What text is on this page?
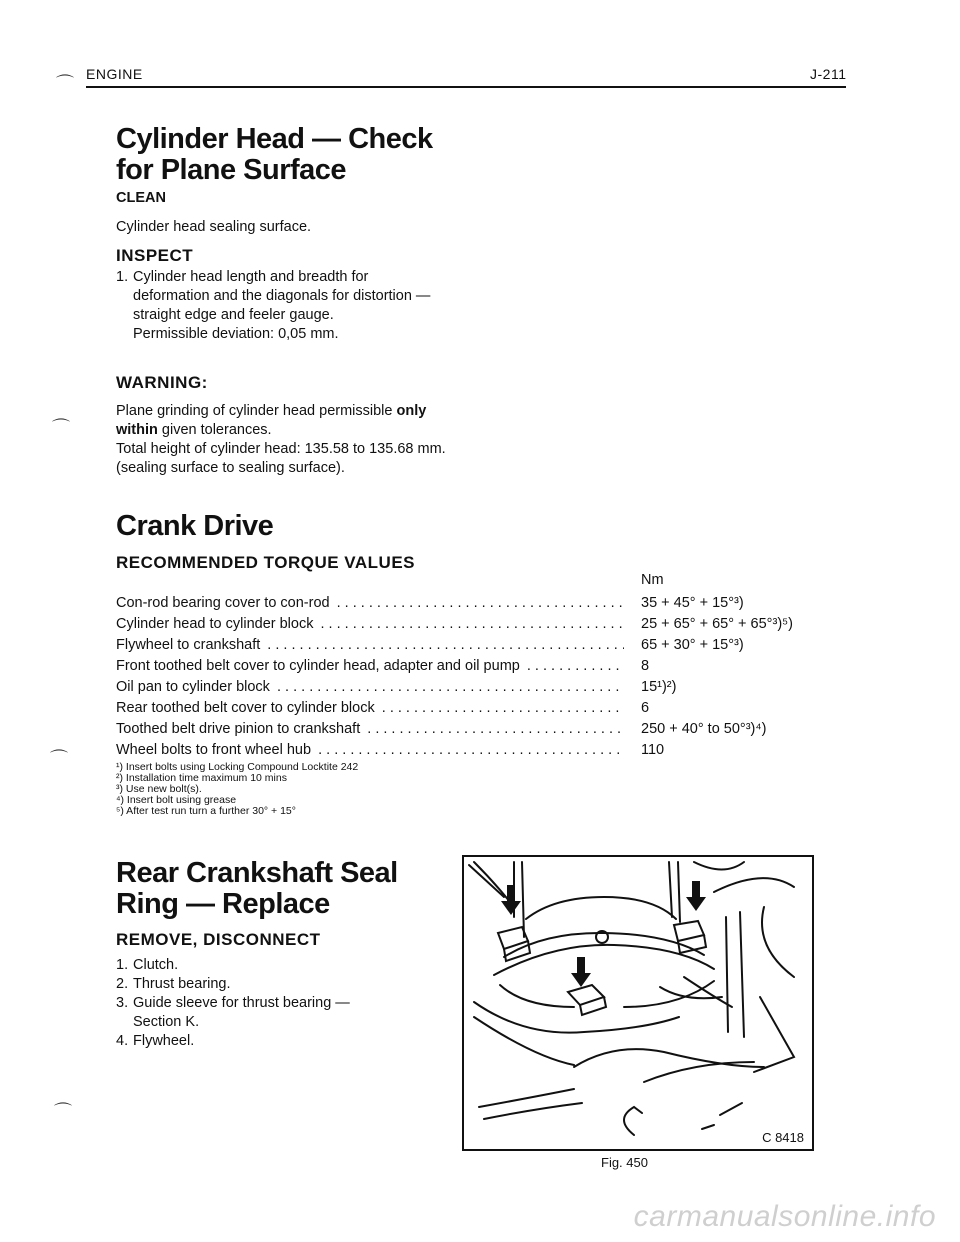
ENGINE	J-211
⌒
⌒
⌒
⌒
Cylinder Head — Check for Plane Surface
CLEAN

Cylinder head sealing surface.

INSPECT
1. Cylinder head length and breadth for deformation and the diagonals for distortion — straight edge and feeler gauge.

Permissible deviation: 0,05 mm.

WARNING:

Plane grinding of cylinder head permissible only within given tolerances.

Total height of cylinder head: 135.58 to 135.68 mm. (sealing surface to sealing surface).

Crank Drive
RECOMMENDED TORQUE VALUES
Nm
Con-rod bearing cover to con-rod . . .	35 + 45° + 15°³)
Cylinder head to cylinder block . . .	25 + 65° + 65° + 65°³)⁵)
Flywheel to crankshaft . . .	65 + 30° + 15°³)
Front toothed belt cover to cylinder head, adapter and oil pump . . .	8
Oil pan to cylinder block . . .	15¹)²)
Rear toothed belt cover to cylinder block . . .	6
Toothed belt drive pinion to crankshaft . . .	250 + 40° to 50°³)⁴)
Wheel bolts to front wheel hub . . .	110
¹) Insert bolts using Locking Compound Locktite 242
²) Installation time maximum 10 mins
³) Use new bolt(s).
⁴) Insert bolt using grease
⁵) After test run turn a further 30° + 15°
Rear Crankshaft Seal Ring — Replace
REMOVE, DISCONNECT
1. Clutch.
2. Thrust bearing.
3. Guide sleeve for thrust bearing — Section K.
4. Flywheel.
C 8418
Fig. 450
carmanualsonline.info
